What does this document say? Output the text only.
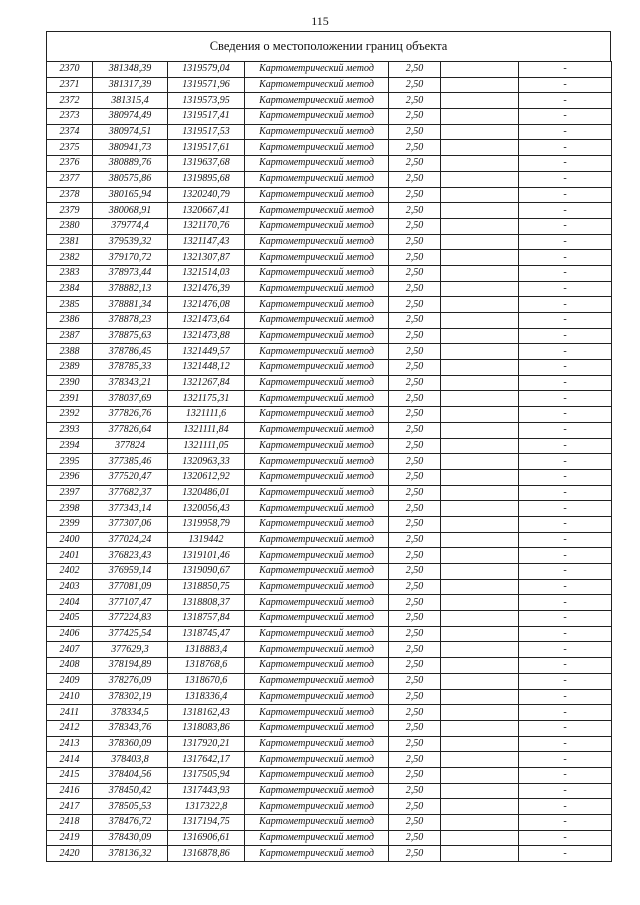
115
Сведения о местоположении границ объекта
2370	381348,39	1319579,04	Картометрический метод	2,50		-
2371	381317,39	1319571,96	Картометрический метод	2,50		-
2372	381315,4	1319573,95	Картометрический метод	2,50		-
2373	380974,49	1319517,41	Картометрический метод	2,50		-
2374	380974,51	1319517,53	Картометрический метод	2,50		-
2375	380941,73	1319517,61	Картометрический метод	2,50		-
2376	380889,76	1319637,68	Картометрический метод	2,50		-
2377	380575,86	1319895,68	Картометрический метод	2,50		-
2378	380165,94	1320240,79	Картометрический метод	2,50		-
2379	380068,91	1320667,41	Картометрический метод	2,50		-
2380	379774,4	1321170,76	Картометрический метод	2,50		-
2381	379539,32	1321147,43	Картометрический метод	2,50		-
2382	379170,72	1321307,87	Картометрический метод	2,50		-
2383	378973,44	1321514,03	Картометрический метод	2,50		-
2384	378882,13	1321476,39	Картометрический метод	2,50		-
2385	378881,34	1321476,08	Картометрический метод	2,50		-
2386	378878,23	1321473,64	Картометрический метод	2,50		-
2387	378875,63	1321473,88	Картометрический метод	2,50		-
2388	378786,45	1321449,57	Картометрический метод	2,50		-
2389	378785,33	1321448,12	Картометрический метод	2,50		-
2390	378343,21	1321267,84	Картометрический метод	2,50		-
2391	378037,69	1321175,31	Картометрический метод	2,50		-
2392	377826,76	1321111,6	Картометрический метод	2,50		-
2393	377826,64	1321111,84	Картометрический метод	2,50		-
2394	377824	1321111,05	Картометрический метод	2,50		-
2395	377385,46	1320963,33	Картометрический метод	2,50		-
2396	377520,47	1320612,92	Картометрический метод	2,50		-
2397	377682,37	1320486,01	Картометрический метод	2,50		-
2398	377343,14	1320056,43	Картометрический метод	2,50		-
2399	377307,06	1319958,79	Картометрический метод	2,50		-
2400	377024,24	1319442	Картометрический метод	2,50		-
2401	376823,43	1319101,46	Картометрический метод	2,50		-
2402	376959,14	1319090,67	Картометрический метод	2,50		-
2403	377081,09	1318850,75	Картометрический метод	2,50		-
2404	377107,47	1318808,37	Картометрический метод	2,50		-
2405	377224,83	1318757,84	Картометрический метод	2,50		-
2406	377425,54	1318745,47	Картометрический метод	2,50		-
2407	377629,3	1318883,4	Картометрический метод	2,50		-
2408	378194,89	1318768,6	Картометрический метод	2,50		-
2409	378276,09	1318670,6	Картометрический метод	2,50		-
2410	378302,19	1318336,4	Картометрический метод	2,50		-
2411	378334,5	1318162,43	Картометрический метод	2,50		-
2412	378343,76	1318083,86	Картометрический метод	2,50		-
2413	378360,09	1317920,21	Картометрический метод	2,50		-
2414	378403,8	1317642,17	Картометрический метод	2,50		-
2415	378404,56	1317505,94	Картометрический метод	2,50		-
2416	378450,42	1317443,93	Картометрический метод	2,50		-
2417	378505,53	1317322,8	Картометрический метод	2,50		-
2418	378476,72	1317194,75	Картометрический метод	2,50		-
2419	378430,09	1316906,61	Картометрический метод	2,50		-
2420	378136,32	1316878,86	Картометрический метод	2,50		-
